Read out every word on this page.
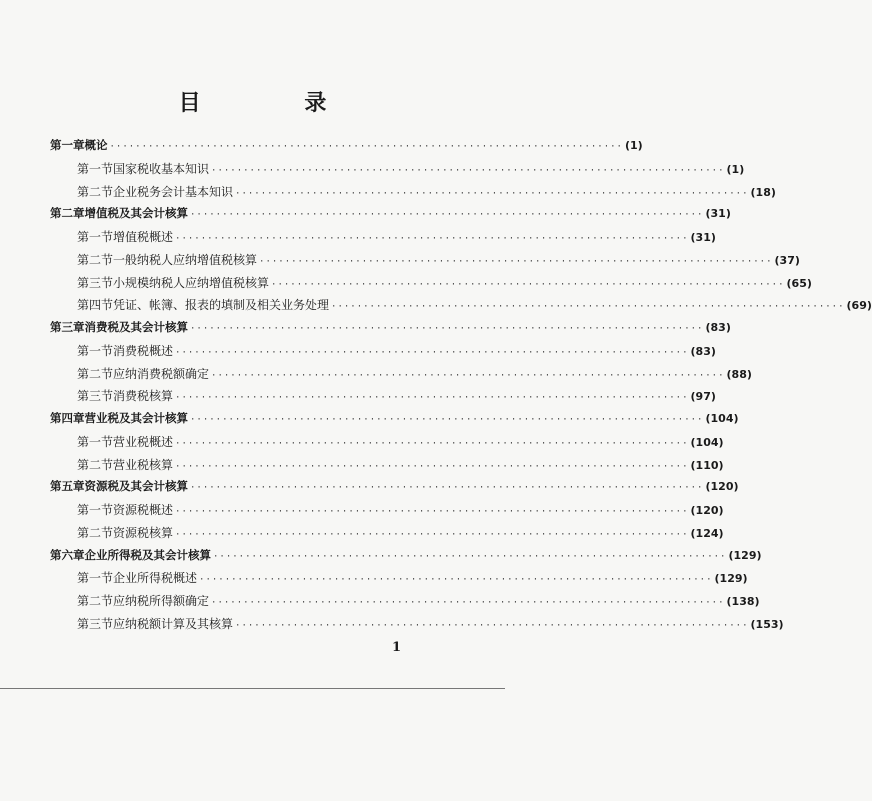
目 录
第一章 概论 ················································································ (1)
第一节 国家税收基本知识 ················································································ (1)
第二节 企业税务会计基本知识 ················································································ (18)
第二章 增值税及其会计核算 ················································································ (31)
第一节 增值税概述 ················································································ (31)
第二节 一般纳税人应纳增值税核算 ················································································ (37)
第三节 小规模纳税人应纳增值税核算 ················································································ (65)
第四节 凭证、帐簿、报表的填制及相关业务处理 ················································································ (69)
第三章 消费税及其会计核算 ················································································ (83)
第一节 消费税概述 ················································································ (83)
第二节 应纳消费税额确定 ················································································ (88)
第三节 消费税核算 ················································································ (97)
第四章 营业税及其会计核算 ················································································ (104)
第一节 营业税概述 ················································································ (104)
第二节 营业税核算 ················································································ (110)
第五章 资源税及其会计核算 ················································································ (120)
第一节 资源税概述 ················································································ (120)
第二节 资源税核算 ················································································ (124)
第六章 企业所得税及其会计核算 ················································································ (129)
第一节 企业所得税概述 ················································································ (129)
第二节 应纳税所得额确定 ················································································ (138)
第三节 应纳税额计算及其核算 ················································································ (153)
1
